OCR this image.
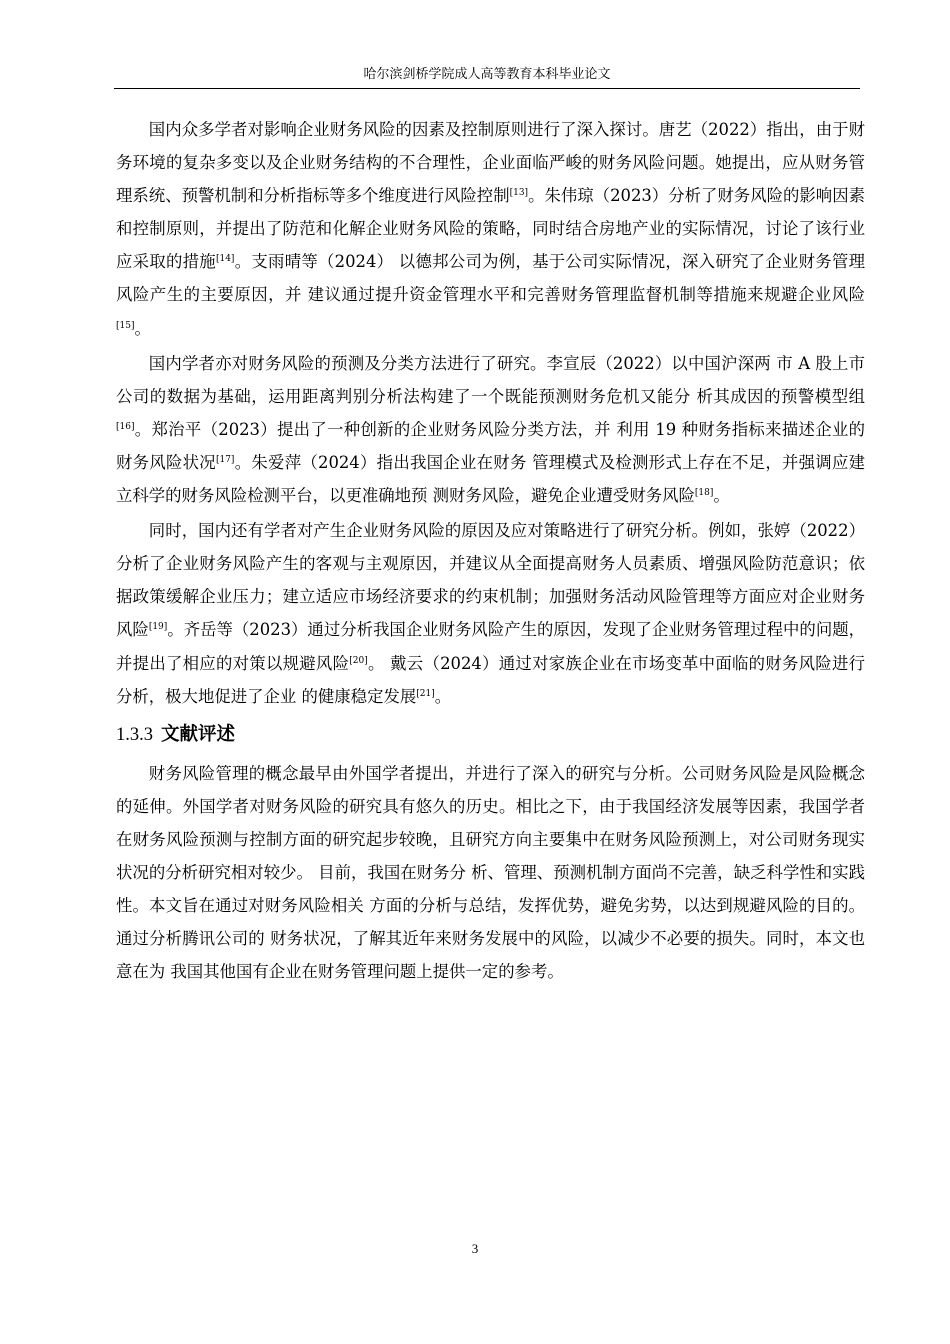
哈尔滨剑桥学院成人高等教育本科毕业论文

国内众多学者对影响企业财务风险的因素及控制原则进行了深入探讨。唐艺（2022）指出，由于财务环境的复杂多变以及企业财务结构的不合理性，企业面临严峻的财务风险问题。她提出，应从财务管理系统、预警机制和分析指标等多个维度进行风险控制[13]。朱伟琼（2023）分析了财务风险的影响因素和控制原则，并提出了防范和化解企业财务风险的策略，同时结合房地产业的实际情况，讨论了该行业应采取的措施[14]。支雨晴等（2024） 以德邦公司为例，基于公司实际情况，深入研究了企业财务管理风险产生的主要原因，并 建议通过提升资金管理水平和完善财务管理监督机制等措施来规避企业风险[15]。

国内学者亦对财务风险的预测及分类方法进行了研究。李宣辰（2022）以中国沪深两 市 A 股上市公司的数据为基础，运用距离判别分析法构建了一个既能预测财务危机又能分 析其成因的预警模型组[16]。郑治平（2023）提出了一种创新的企业财务风险分类方法，并 利用 19 种财务指标来描述企业的财务风险状况[17]。朱爱萍（2024）指出我国企业在财务 管理模式及检测形式上存在不足，并强调应建立科学的财务风险检测平台，以更准确地预 测财务风险，避免企业遭受财务风险[18]。

同时，国内还有学者对产生企业财务风险的原因及应对策略进行了研究分析。例如，张婷（2022）分析了企业财务风险产生的客观与主观原因，并建议从全面提高财务人员素质、增强风险防范意识；依据政策缓解企业压力；建立适应市场经济要求的约束机制；加强财务活动风险管理等方面应对企业财务风险[19]。齐岳等（2023）通过分析我国企业财务风险产生的原因，发现了企业财务管理过程中的问题，并提出了相应的对策以规避风险[20]。 戴云（2024）通过对家族企业在市场变革中面临的财务风险进行分析，极大地促进了企业 的健康稳定发展[21]。

1.3.3 文献评述

财务风险管理的概念最早由外国学者提出，并进行了深入的研究与分析。公司财务风险是风险概念的延伸。外国学者对财务风险的研究具有悠久的历史。相比之下，由于我国经济发展等因素，我国学者在财务风险预测与控制方面的研究起步较晚，且研究方向主要集中在财务风险预测上，对公司财务现实状况的分析研究相对较少。 目前，我国在财务分 析、管理、预测机制方面尚不完善，缺乏科学性和实践性。本文旨在通过对财务风险相关 方面的分析与总结，发挥优势，避免劣势，以达到规避风险的目的。通过分析腾讯公司的 财务状况，了解其近年来财务发展中的风险，以减少不必要的损失。同时，本文也意在为 我国其他国有企业在财务管理问题上提供一定的参考。

3
